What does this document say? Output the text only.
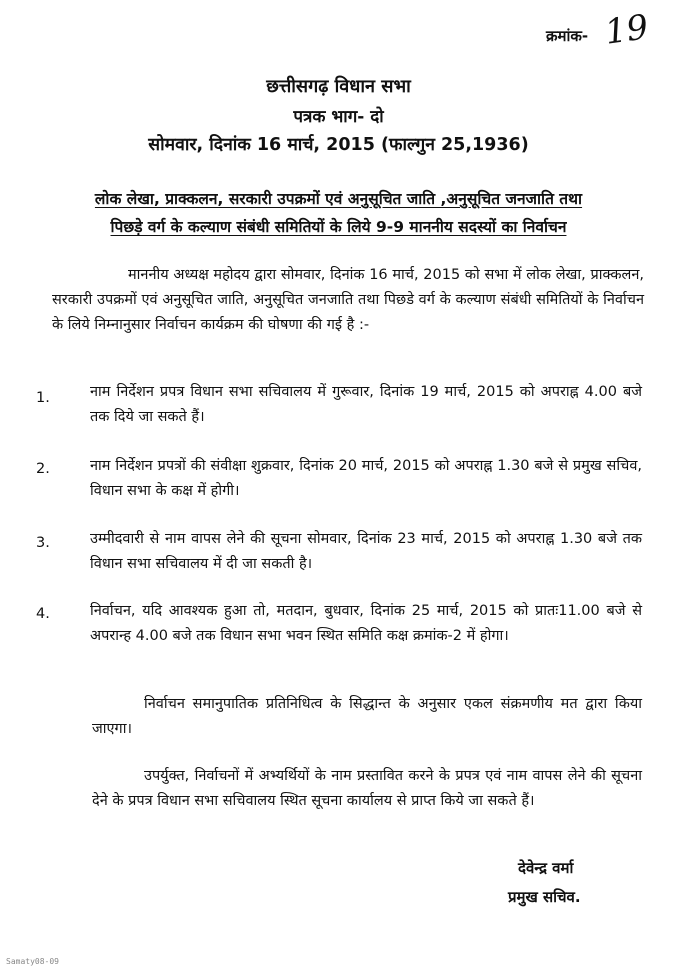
क्रमांक- 19
छत्तीसगढ़ विधान सभा
पत्रक भाग- दो
सोमवार, दिनांक 16 मार्च, 2015 (फाल्गुन 25,1936)
लोक लेखा, प्राक्कलन, सरकारी उपक्रमों एवं अनुसूचित जाति ,अनुसूचित जनजाति तथा
पिछड़े वर्ग के कल्याण संबंधी समितियों के लिये 9-9 माननीय सदस्यों का निर्वाचन
माननीय अध्यक्ष महोदय द्वारा सोमवार, दिनांक 16 मार्च, 2015 को सभा में लोक लेखा, प्राक्कलन, सरकारी उपक्रमों एवं अनुसूचित जाति, अनुसूचित जनजाति तथा पिछडे वर्ग के कल्याण संबंधी समितियों के निर्वाचन के लिये निम्नानुसार निर्वाचन कार्यक्रम की घोषणा की गई है :-
1.	नाम निर्देशन प्रपत्र विधान सभा सचिवालय में गुरूवार, दिनांक 19 मार्च, 2015 को अपराह्न 4.00 बजे तक दिये जा सकते हैं।
2.	नाम निर्देशन प्रपत्रों की संवीक्षा शुक्रवार, दिनांक 20 मार्च, 2015 को अपराह्न 1.30 बजे से प्रमुख सचिव, विधान सभा के कक्ष में होगी।
3.	उम्मीदवारी से नाम वापस लेने की सूचना सोमवार, दिनांक 23 मार्च, 2015 को अपराह्न 1.30 बजे तक विधान सभा सचिवालय में दी जा सकती है।
4.	निर्वाचन, यदि आवश्यक हुआ तो, मतदान, बुधवार, दिनांक 25 मार्च, 2015 को प्रातः11.00 बजे से अपरान्ह 4.00 बजे तक विधान सभा भवन स्थित समिति कक्ष क्रमांक-2 में होगा।
निर्वाचन समानुपातिक प्रतिनिधित्व के सिद्धान्त के अनुसार एकल संक्रमणीय मत द्वारा किया जाएगा।
उपर्युक्त, निर्वाचनों में अभ्यर्थियों के नाम प्रस्तावित करने के प्रपत्र एवं नाम वापस लेने की सूचना देने के प्रपत्र विधान सभा सचिवालय स्थित सूचना कार्यालय से प्राप्त किये जा सकते हैं।
देवेन्द्र वर्मा
प्रमुख सचिव.
Samaty08-09
